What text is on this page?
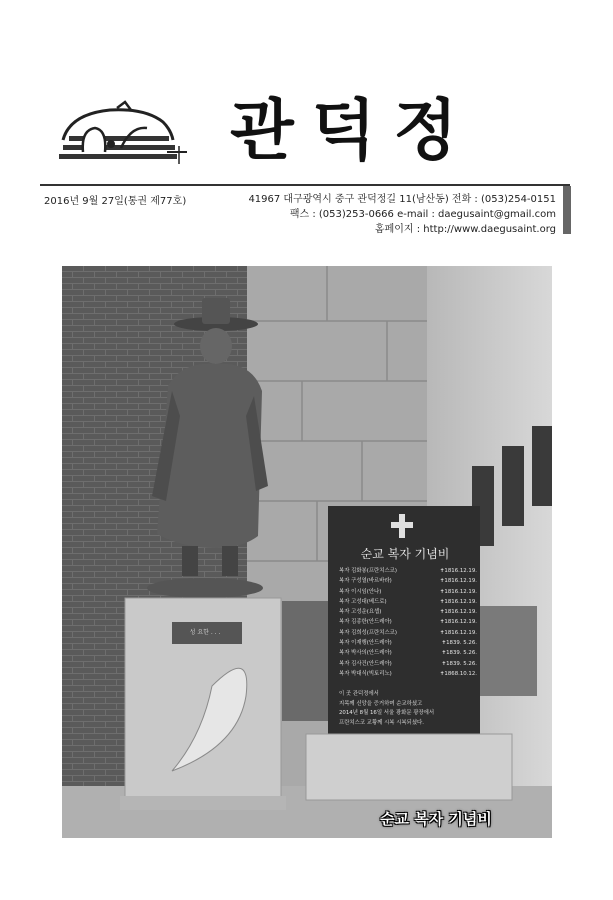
관덕정
2016년 9월 27일(통권 제77호)	41967 대구광역시 중구 관덕정길 11(남산동) 전화 : (053)254-0151
팩스 : (053)253-0666 e-mail : daegusaint@gmail.com
홈페이지 : http://www.daegusaint.org
순교 복자 기념비
복자 김화봉(프란치스코)	✝1816.12.19.
복자 구성열(바르바라)	✝1816.12.19.
복자 이시임(안나)	✝1816.12.19.
복자 고성대(베드로)	✝1816.12.19.
복자 고성운(요셉)	✝1816.12.19.
복자 김종한(안드레아)	✝1816.12.19.
복자 김희성(프란치스코)	✝1816.12.19.
복자 이재행(안드레아)	✝1839. 5.26.
복자 박사의(안드레아)	✝1839. 5.26.
복자 김사건(안드레아)	✝1839. 5.26.
복자 박대식(빅토리노)	✝1868.10.12.
이 곳 관덕정에서
지목께 신앙을 증거하며 순교하셨고
2014년 8월 16일 서울 광화문 광장에서
프란치스코 교황께 시복 시복되셨다.
성 요한 . . .
순교 복자 기념비
